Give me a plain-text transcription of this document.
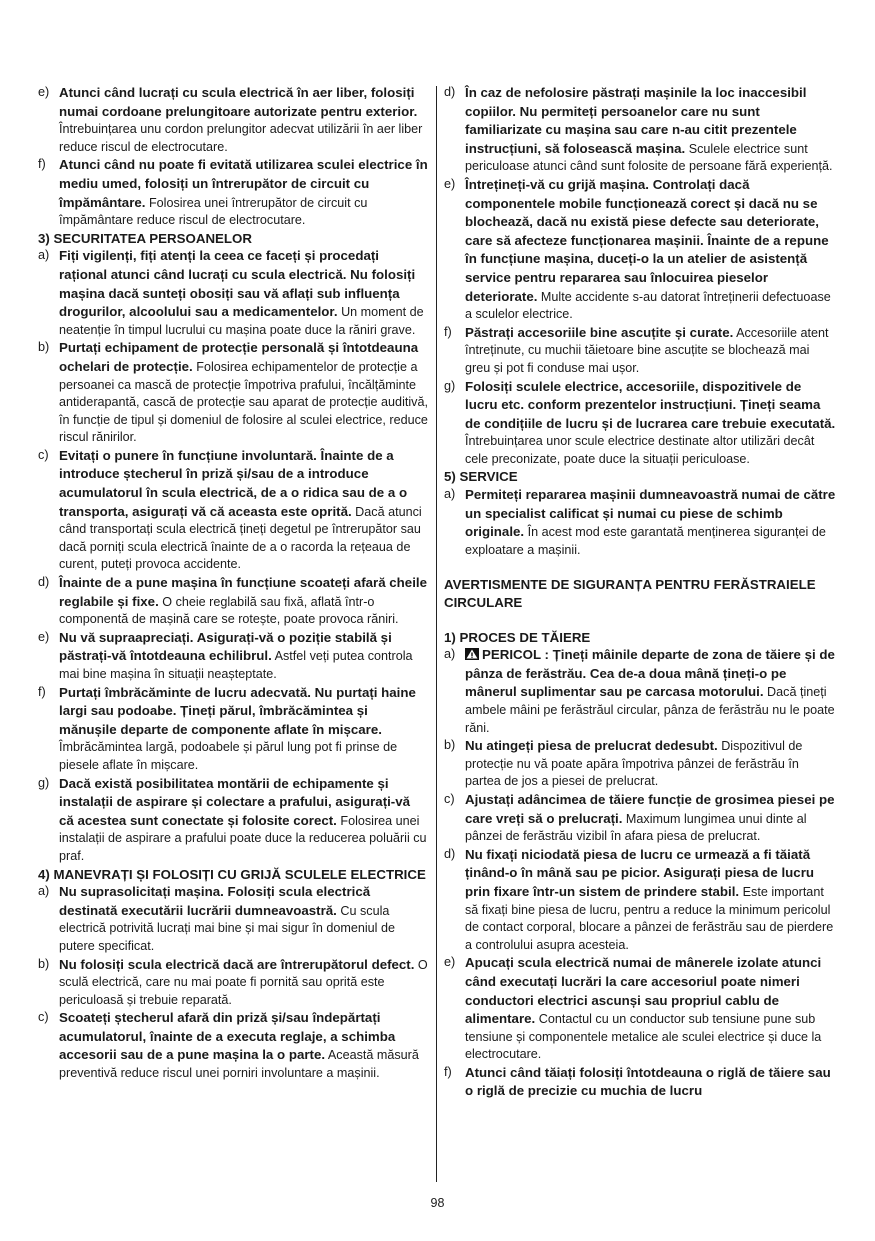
e) Atunci când lucrați cu scula electrică în aer liber, folosiți numai cordoane prelungitoare autorizate pentru exterior. Întrebuințarea unu cordon prelungitor adecvat utilizării în aer liber reduce riscul de electrocutare.
f) Atunci când nu poate fi evitată utilizarea sculei electrice în mediu umed, folosiți un întrerupător de circuit cu împământare. Folosirea unei întrerupător de circuit cu împământare reduce riscul de electrocutare.
3) SECURITATEA PERSOANELOR
a) Fiți vigilenți, fiți atenți la ceea ce faceți și procedați rațional atunci când lucrați cu scula electrică. Nu folosiți mașina dacă sunteți obosiți sau vă aflați sub influența drogurilor, alcoolului sau a medicamentelor. Un moment de neatenție în timpul lucrului cu mașina poate duce la răniri grave.
b) Purtați echipament de protecție personală și întotdeauna ochelari de protecție. Folosirea echipamentelor de protecție a persoanei ca mască de protecție împotriva prafului, încălțăminte antiderapantă, cască de protecție sau aparat de protecție auditivă, în funcție de tipul și domeniul de folosire al sculei electrice, reduce riscul rănirilor.
c) Evitați o punere în funcțiune involuntară. Înainte de a introduce ștecherul în priză și/sau de a introduce acumulatorul în scula electrică, de a o ridica sau de a o transporta, asigurați vă că aceasta este oprită. Dacă atunci când transportați scula electrică țineți degetul pe întrerupător sau dacă porniți scula electrică înainte de a o racorda la rețeaua de curent, puteți provoca accidente.
d) Înainte de a pune mașina în funcțiune scoateți afară cheile reglabile și fixe. O cheie reglabilă sau fixă, aflată într-o componentă de mașină care se rotește, poate provoca răniri.
e) Nu vă supraapreciați. Asigurați-vă o poziție stabilă și păstrați-vă întotdeauna echilibrul. Astfel veți putea controla mai bine mașina în situații neașteptate.
f) Purtați îmbrăcăminte de lucru adecvată. Nu purtați haine largi sau podoabe. Țineți părul, îmbrăcămintea și mănușile departe de componente aflate în mișcare. Îmbrăcămintea largă, podoabele și părul lung pot fi prinse de piesele aflate în mișcare.
g) Dacă există posibilitatea montării de echipamente și instalații de aspirare și colectare a prafului, asigurați-vă că acestea sunt conectate și folosite corect. Folosirea unei instalații de aspirare a prafului poate duce la reducerea poluării cu praf.
4) MANEVRAȚI ȘI FOLOSIȚI CU GRIJĂ SCULELE ELECTRICE
a) Nu suprasolicitați mașina. Folosiți scula electrică destinată executării lucrării dumneavoastră. Cu scula electrică potrivită lucrați mai bine și mai sigur în domeniul de putere specificat.
b) Nu folosiți scula electrică dacă are întrerupătorul defect. O sculă electrică, care nu mai poate fi pornită sau oprită este periculoasă și trebuie reparată.
c) Scoateți ștecherul afară din priză și/sau îndepărtați acumulatorul, înainte de a executa reglaje, a schimba accesorii sau de a pune mașina la o parte. Această măsură preventivă reduce riscul unei porniri involuntare a mașinii.
d) În caz de nefolosire păstrați mașinile la loc inaccesibil copiilor. Nu permiteți persoanelor care nu sunt familiarizate cu mașina sau care n-au citit prezentele instrucțiuni, să folosească mașina. Sculele electrice sunt periculoase atunci când sunt folosite de persoane fără experiență.
e) Întrețineți-vă cu grijă mașina. Controlați dacă componentele mobile funcționează corect și dacă nu se blochează, dacă nu există piese defecte sau deteriorate, care să afecteze funcționarea mașinii. Înainte de a repune în funcțiune mașina, duceți-o la un atelier de asistență service pentru repararea sau înlocuirea pieselor deteriorate. Multe accidente s-au datorat întreținerii defectuoase a sculelor electrice.
f) Păstrați accesoriile bine ascuțite și curate. Accesoriile atent întreținute, cu muchii tăietoare bine ascuțite se blochează mai greu și pot fi conduse mai ușor.
g) Folosiți sculele electrice, accesoriile, dispozitivele de lucru etc. conform prezentelor instrucțiuni. Țineți seama de condițiile de lucru și de lucrarea care trebuie executată. Întrebuințarea unor scule electrice destinate altor utilizări decât cele preconizate, poate duce la situații periculoase.
5) SERVICE
a) Permiteți repararea mașinii dumneavoastră numai de către un specialist calificat și numai cu piese de schimb originale. În acest mod este garantată menținerea siguranței de exploatare a mașinii.
AVERTISMENTE DE SIGURANȚA PENTRU FERĂSTRAIELE CIRCULARE
1) PROCES DE TĂIERE
a)	PERICOL : Țineți mâinile departe de zona de tăiere și de pânza de ferăstrău. Cea de-a doua mână țineți-o pe mânerul suplimentar sau pe carcasa motorului. Dacă țineți ambele mâini pe ferăstrăul circular, pânza de ferăstrău nu le poate răni.
b) Nu atingeți piesa de prelucrat dedesubt. Dispozitivul de protecție nu vă poate apăra împotriva pânzei de ferăstrău în partea de jos a piesei de prelucrat.
c) Ajustați adâncimea de tăiere funcție de grosimea piesei pe care vreți să o prelucrați. Maximum lungimea unui dinte al pânzei de ferăstrău vizibil în afara piesa de prelucrat.
d) Nu fixați niciodată piesa de lucru ce urmează a fi tăiată ținând-o în mână sau pe picior. Asigurați piesa de lucru prin fixare într-un sistem de prindere stabil. Este important să fixați bine piesa de lucru, pentru a reduce la minimum pericolul de contact corporal, blocare a pânzei de ferăstrău sau de pierdere a controlului asupra acesteia.
e) Apucați scula electrică numai de mânerele izolate atunci când executați lucrări la care accesoriul poate nimeri conductori electrici ascunși sau propriul cablu de alimentare. Contactul cu un conductor sub tensiune pune sub tensiune și componentele metalice ale sculei electrice și duce la electrocutare.
f) Atunci când tăiați folosiți întotdeauna o riglă de tăiere sau o riglă de precizie cu muchia de lucru
98
